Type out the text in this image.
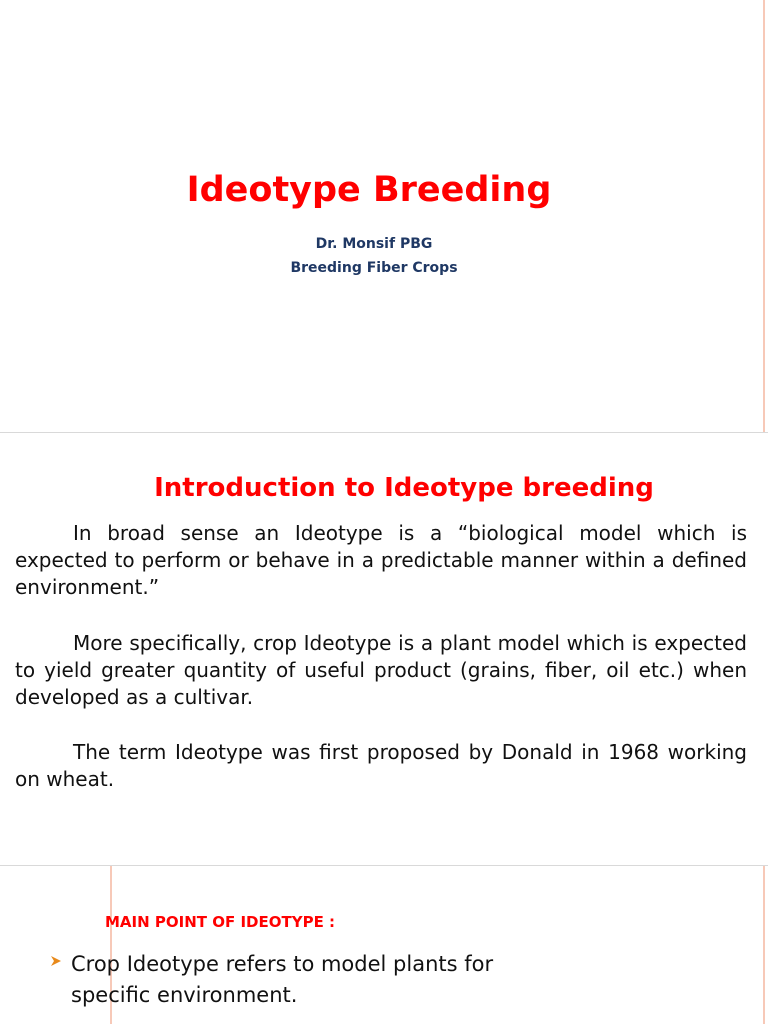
Ideotype Breeding
Dr. Monsif PBG
Breeding Fiber Crops
Introduction to Ideotype breeding

In broad sense an Ideotype is a “biological model which is expected to perform or behave in a predictable manner within a defined environment.”

More specifically, crop Ideotype is a plant model which is expected to yield greater quantity of useful product (grains, fiber, oil etc.) when developed as a cultivar.

The term Ideotype was first proposed by Donald in 1968 working on wheat.

MAIN POINT OF IDEOTYPE :

Crop Ideotype refers to model plants for specific environment.
